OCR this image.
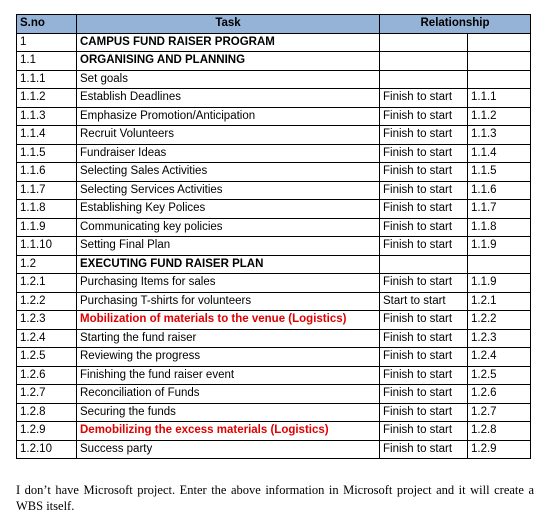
S.no	Task	Relationship	
1	CAMPUS FUND RAISER PROGRAM		
1.1	ORGANISING AND PLANNING		
1.1.1	Set goals		
1.1.2	Establish Deadlines	Finish to start	1.1.1
1.1.3	Emphasize Promotion/Anticipation	Finish to start	1.1.2
1.1.4	Recruit Volunteers	Finish to start	1.1.3
1.1.5	Fundraiser Ideas	Finish to start	1.1.4
1.1.6	Selecting Sales Activities	Finish to start	1.1.5
1.1.7	Selecting Services Activities	Finish to start	1.1.6
1.1.8	Establishing Key Polices	Finish to start	1.1.7
1.1.9	Communicating key policies	Finish to start	1.1.8
1.1.10	Setting Final Plan	Finish to start	1.1.9
1.2	EXECUTING FUND RAISER PLAN		
1.2.1	Purchasing Items for sales	Finish to start	1.1.9
1.2.2	Purchasing T-shirts for volunteers	Start to start	1.2.1
1.2.3	Mobilization of materials to the venue (Logistics)	Finish to start	1.2.2
1.2.4	Starting the fund raiser	Finish to start	1.2.3
1.2.5	Reviewing the progress	Finish to start	1.2.4
1.2.6	Finishing the fund raiser event	Finish to start	1.2.5
1.2.7	Reconciliation of Funds	Finish to start	1.2.6
1.2.8	Securing the funds	Finish to start	1.2.7
1.2.9	Demobilizing the excess materials (Logistics)	Finish to start	1.2.8
1.2.10	Success party	Finish to start	1.2.9

I don’t have Microsoft project. Enter the above information in Microsoft project and it will create a WBS itself.
